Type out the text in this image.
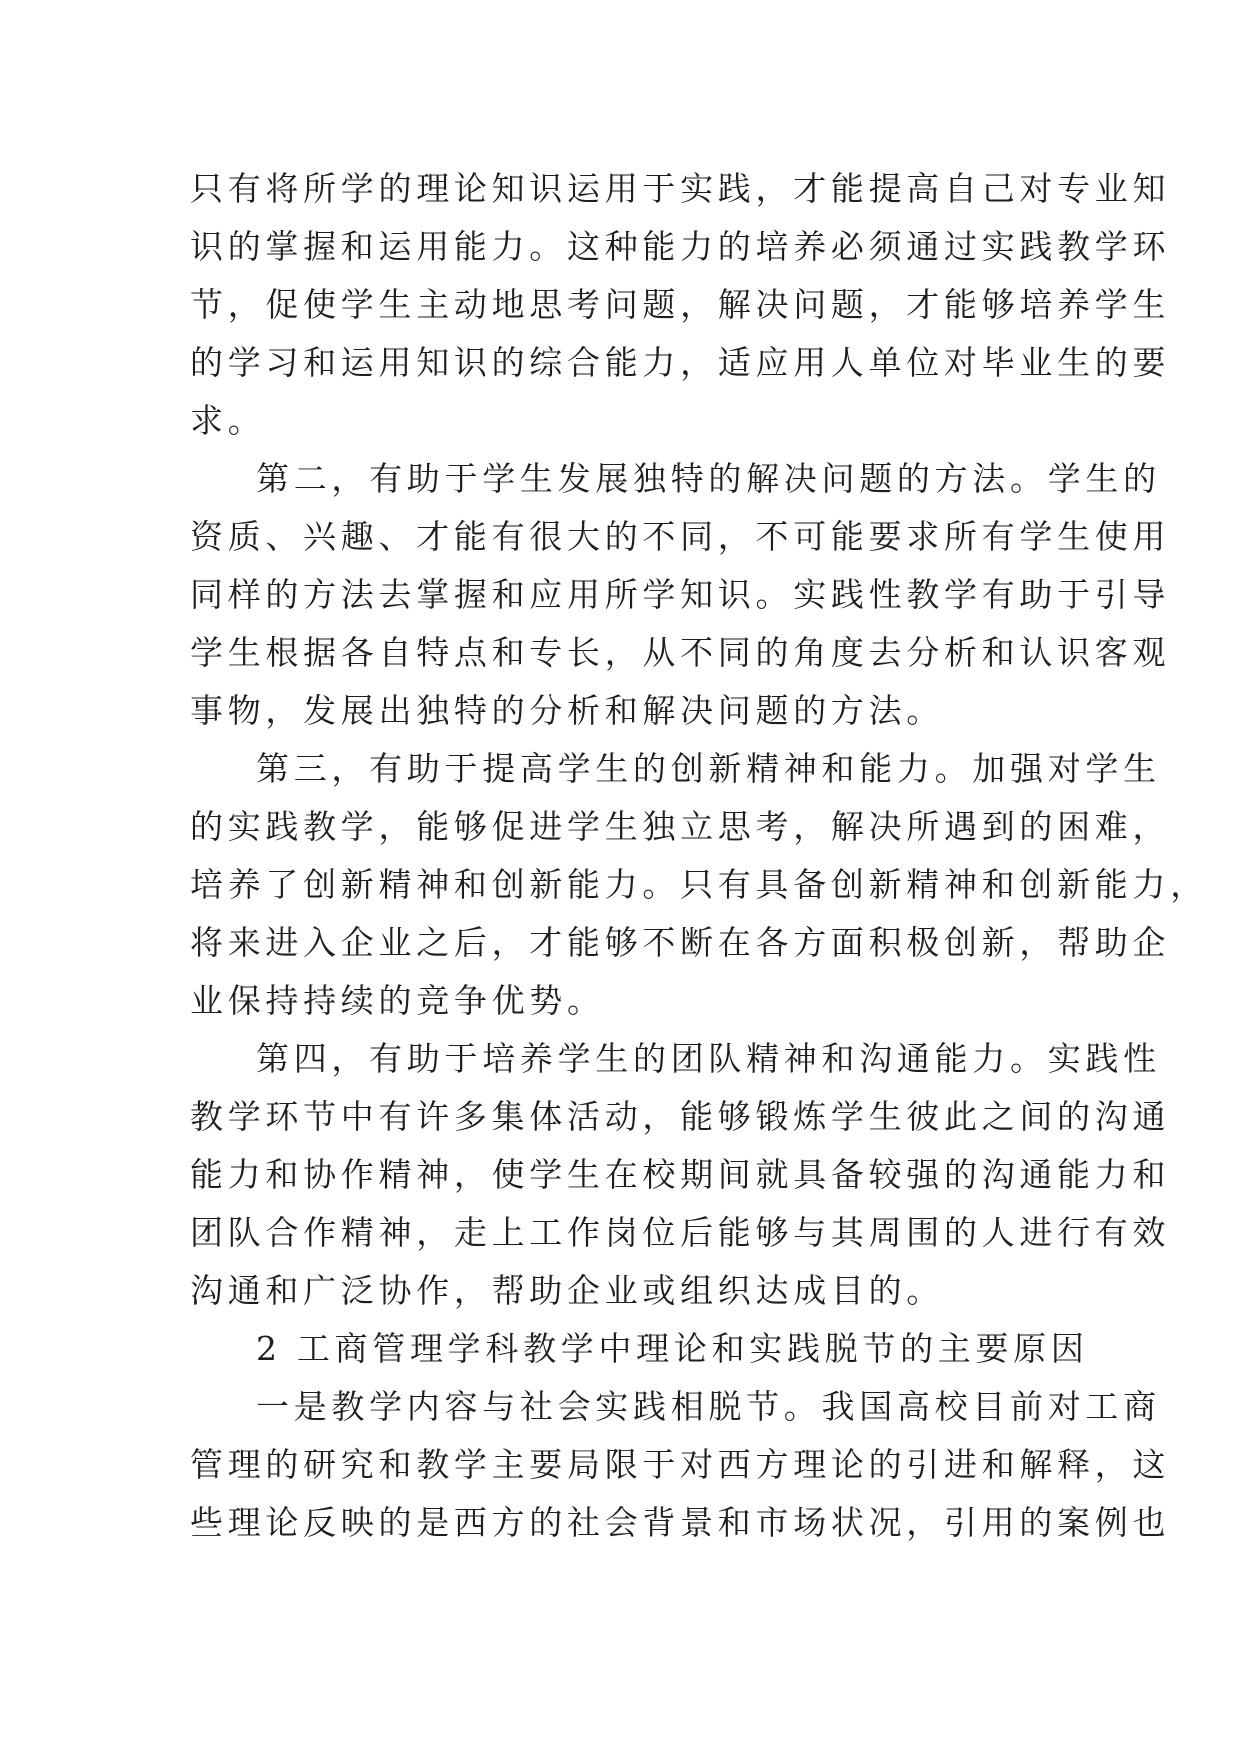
只有将所学的理论知识运用于实践，才能提高自己对专业知
识的掌握和运用能力。这种能力的培养必须通过实践教学环
节，促使学生主动地思考问题，解决问题，才能够培养学生
的学习和运用知识的综合能力，适应用人单位对毕业生的要
求。
第二，有助于学生发展独特的解决问题的方法。学生的
资质、兴趣、才能有很大的不同，不可能要求所有学生使用
同样的方法去掌握和应用所学知识。实践性教学有助于引导
学生根据各自特点和专长，从不同的角度去分析和认识客观
事物，发展出独特的分析和解决问题的方法。
第三，有助于提高学生的创新精神和能力。加强对学生
的实践教学，能够促进学生独立思考，解决所遇到的困难，
培养了创新精神和创新能力。只有具备创新精神和创新能力，
将来进入企业之后，才能够不断在各方面积极创新，帮助企
业保持持续的竞争优势。
第四，有助于培养学生的团队精神和沟通能力。实践性
教学环节中有许多集体活动，能够锻炼学生彼此之间的沟通
能力和协作精神，使学生在校期间就具备较强的沟通能力和
团队合作精神，走上工作岗位后能够与其周围的人进行有效
沟通和广泛协作，帮助企业或组织达成目的。
2 工商管理学科教学中理论和实践脱节的主要原因
一是教学内容与社会实践相脱节。我国高校目前对工商
管理的研究和教学主要局限于对西方理论的引进和解释，这
些理论反映的是西方的社会背景和市场状况，引用的案例也
